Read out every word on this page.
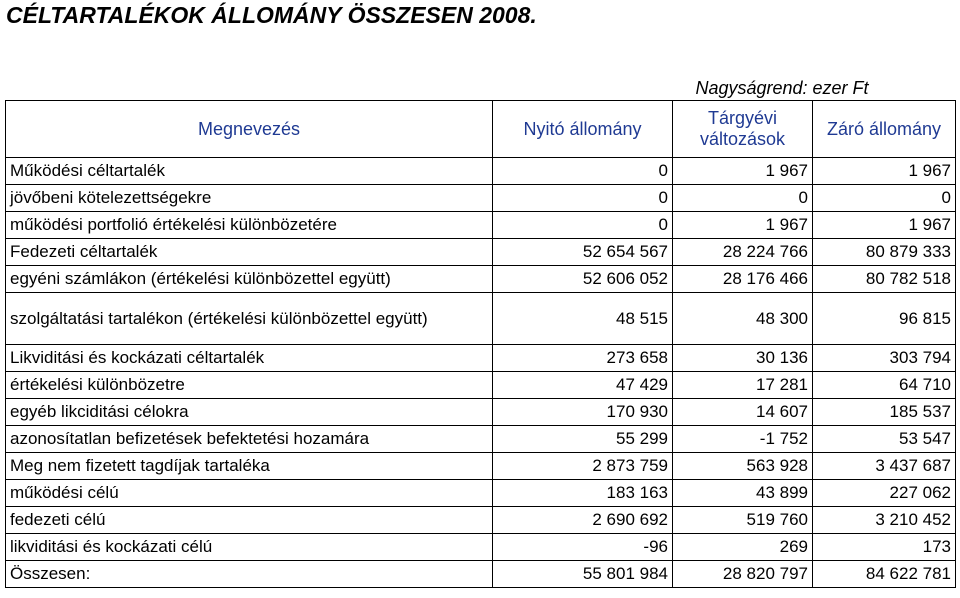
CÉLTARTALÉKOK ÁLLOMÁNY ÖSSZESEN 2008.
Nagyságrend: ezer Ft
Megnevezés	Nyitó állomány	Tárgyévi változások	Záró állomány
Működési céltartalék	0	1 967	1 967
jövőbeni kötelezettségekre	0	0	0
működési portfolió értékelési különbözetére	0	1 967	1 967
Fedezeti céltartalék	52 654 567	28 224 766	80 879 333
egyéni számlákon (értékelési különbözettel együtt)	52 606 052	28 176 466	80 782 518
szolgáltatási tartalékon (értékelési különbözettel együtt)	48 515	48 300	96 815
Likviditási és kockázati céltartalék	273 658	30 136	303 794
értékelési különbözetre	47 429	17 281	64 710
egyéb likciditási célokra	170 930	14 607	185 537
azonosítatlan befizetések befektetési hozamára	55 299	-1 752	53 547
Meg nem fizetett tagdíjak tartaléka	2 873 759	563 928	3 437 687
működési célú	183 163	43 899	227 062
fedezeti célú	2 690 692	519 760	3 210 452
likviditási és kockázati célú	-96	269	173
Összesen:	55 801 984	28 820 797	84 622 781
